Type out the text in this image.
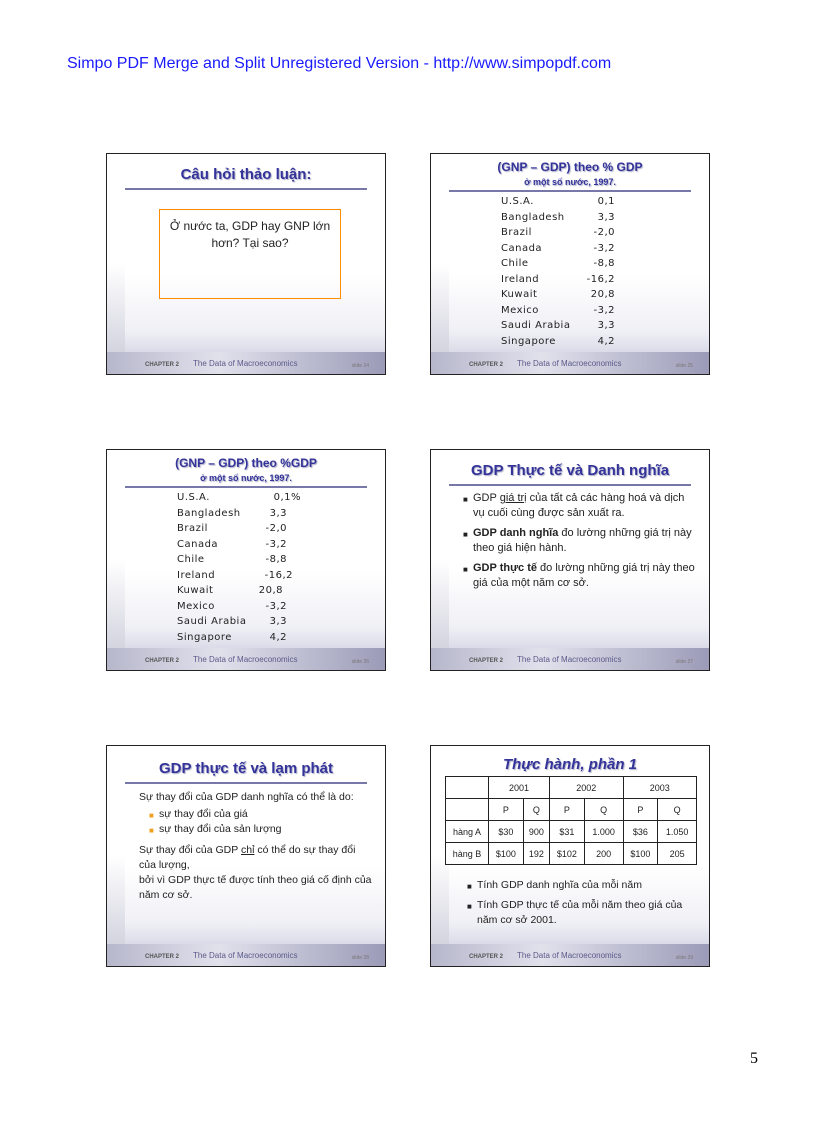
Simpo PDF Merge and Split Unregistered Version - http://www.simpopdf.com
Câu hỏi thảo luận:
Ở nước ta, GDP hay GNP lớn
hơn? Tại sao?
CHAPTER 2 The Data of Macroeconomics	slide 24
(GNP – GDP) theo % GDP
ở một số nước, 1997.
U.S.A.	0,1
Bangladesh	3,3
Brazil	-2,0
Canada	-3,2
Chile	-8,8
Ireland	-16,2
Kuwait	20,8
Mexico	-3,2
Saudi Arabia	3,3
Singapore	4,2
CHAPTER 2 The Data of Macroeconomics	slide 25
(GNP – GDP) theo %GDP
ở một số nước, 1997.
U.S.A.	0,1%
Bangladesh	3,3
Brazil	-2,0
Canada	-3,2
Chile	-8,8
Ireland	-16,2
Kuwait	20,8
Mexico	-3,2
Saudi Arabia	3,3
Singapore	4,2
CHAPTER 2 The Data of Macroeconomics	slide 26
GDP Thực tế và Danh nghĩa
■ GDP giá trị của tất cả các hàng hoá và dịch vụ cuối cùng được sản xuất ra.
■ GDP danh nghĩa đo lường những giá trị này theo giá hiện hành.
■ GDP thực tế đo lường những giá trị này theo giá của một năm cơ sở.
CHAPTER 2 The Data of Macroeconomics	slide 27
GDP thực tế và lạm phát
Sự thay đổi của GDP danh nghĩa có thể là do:
■ sự thay đổi của giá
■ sự thay đổi của sản lượng
Sự thay đổi của GDP chỉ có thể do sự thay đổi của lượng,
bởi vì GDP thực tế được tính theo giá cố định của năm cơ sở.
CHAPTER 2 The Data of Macroeconomics	slide 28
Thực hành, phần 1
	2001		2002		2003	
	P	Q	P	Q	P	Q
hàng A	$30	900	$31	1.000	$36	1.050
hàng B	$100	192	$102	200	$100	205
■ Tính GDP danh nghĩa của mỗi năm
■ Tính GDP thực tế của mỗi năm theo giá của năm cơ sở 2001.
CHAPTER 2 The Data of Macroeconomics	slide 29
5
